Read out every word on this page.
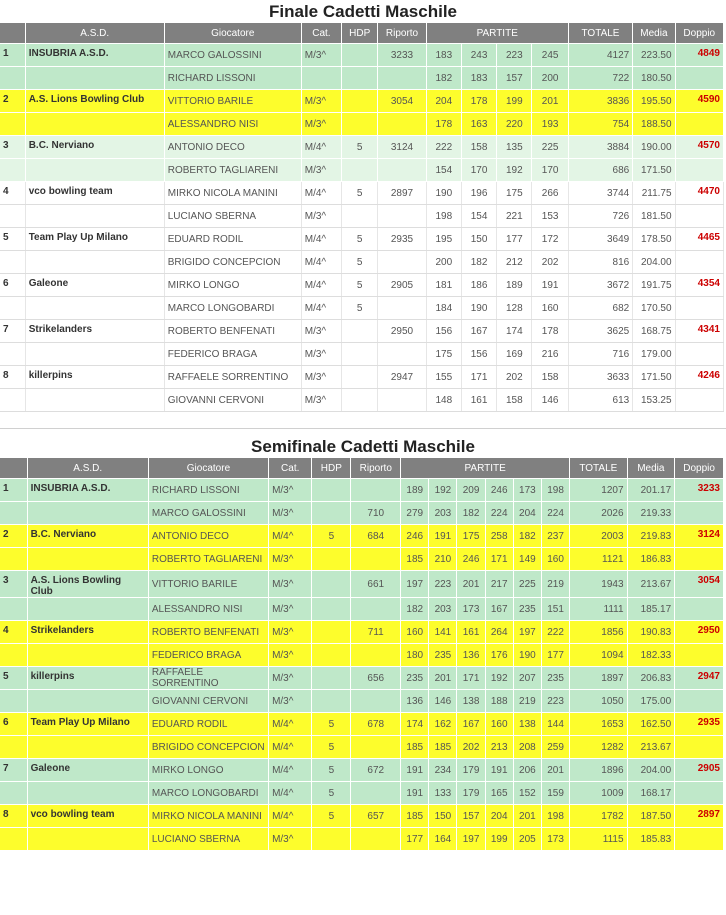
Finale Cadetti Maschile
	A.S.D.	Giocatore	Cat.	HDP	Riporto	PARTITE				TOTALE	Media	Doppio
1	INSUBRIA A.S.D.	MARCO GALOSSINI	M/3^		3233	183	243	223	245	4127	223.50	4849
		RICHARD LISSONI				182	183	157	200	722	180.50	
2	A.S. Lions Bowling Club	VITTORIO BARILE	M/3^		3054	204	178	199	201	3836	195.50	4590
		ALESSANDRO NISI	M/3^			178	163	220	193	754	188.50	
3	B.C. Nerviano	ANTONIO DECO	M/4^	5	3124	222	158	135	225	3884	190.00	4570
		ROBERTO TAGLIARENI	M/3^			154	170	192	170	686	171.50	
4	vco bowling team	MIRKO NICOLA MANINI	M/4^	5	2897	190	196	175	266	3744	211.75	4470
		LUCIANO SBERNA	M/3^			198	154	221	153	726	181.50	
5	Team Play Up Milano	EDUARD RODIL	M/4^	5	2935	195	150	177	172	3649	178.50	4465
		BRIGIDO CONCEPCION	M/4^	5		200	182	212	202	816	204.00	
6	Galeone	MIRKO LONGO	M/4^	5	2905	181	186	189	191	3672	191.75	4354
		MARCO LONGOBARDI	M/4^	5		184	190	128	160	682	170.50	
7	Strikelanders	ROBERTO BENFENATI	M/3^		2950	156	167	174	178	3625	168.75	4341
		FEDERICO BRAGA	M/3^			175	156	169	216	716	179.00	
8	killerpins	RAFFAELE SORRENTINO	M/3^		2947	155	171	202	158	3633	171.50	4246
		GIOVANNI CERVONI	M/3^			148	161	158	146	613	153.25	
Semifinale Cadetti Maschile
	A.S.D.	Giocatore	Cat.	HDP	Riporto	PARTITE						TOTALE	Media	Doppio
1	INSUBRIA A.S.D.	RICHARD LISSONI	M/3^			189	192	209	246	173	198	1207	201.17	3233
		MARCO GALOSSINI	M/3^		710	279	203	182	224	204	224	2026	219.33	
2	B.C. Nerviano	ANTONIO DECO	M/4^	5	684	246	191	175	258	182	237	2003	219.83	3124
		ROBERTO TAGLIARENI	M/3^			185	210	246	171	149	160	1121	186.83	
3	A.S. Lions Bowling Club	VITTORIO BARILE	M/3^		661	197	223	201	217	225	219	1943	213.67	3054
		ALESSANDRO NISI	M/3^			182	203	173	167	235	151	1111	185.17	
4	Strikelanders	ROBERTO BENFENATI	M/3^		711	160	141	161	264	197	222	1856	190.83	2950
		FEDERICO BRAGA	M/3^			180	235	136	176	190	177	1094	182.33	
5	killerpins	RAFFAELE SORRENTINO	M/3^		656	235	201	171	192	207	235	1897	206.83	2947
		GIOVANNI CERVONI	M/3^			136	146	138	188	219	223	1050	175.00	
6	Team Play Up Milano	EDUARD RODIL	M/4^	5	678	174	162	167	160	138	144	1653	162.50	2935
		BRIGIDO CONCEPCION	M/4^	5		185	185	202	213	208	259	1282	213.67	
7	Galeone	MIRKO LONGO	M/4^	5	672	191	234	179	191	206	201	1896	204.00	2905
		MARCO LONGOBARDI	M/4^	5		191	133	179	165	152	159	1009	168.17	
8	vco bowling team	MIRKO NICOLA MANINI	M/4^	5	657	185	150	157	204	201	198	1782	187.50	2897
		LUCIANO SBERNA	M/3^			177	164	197	199	205	173	1115	185.83	
